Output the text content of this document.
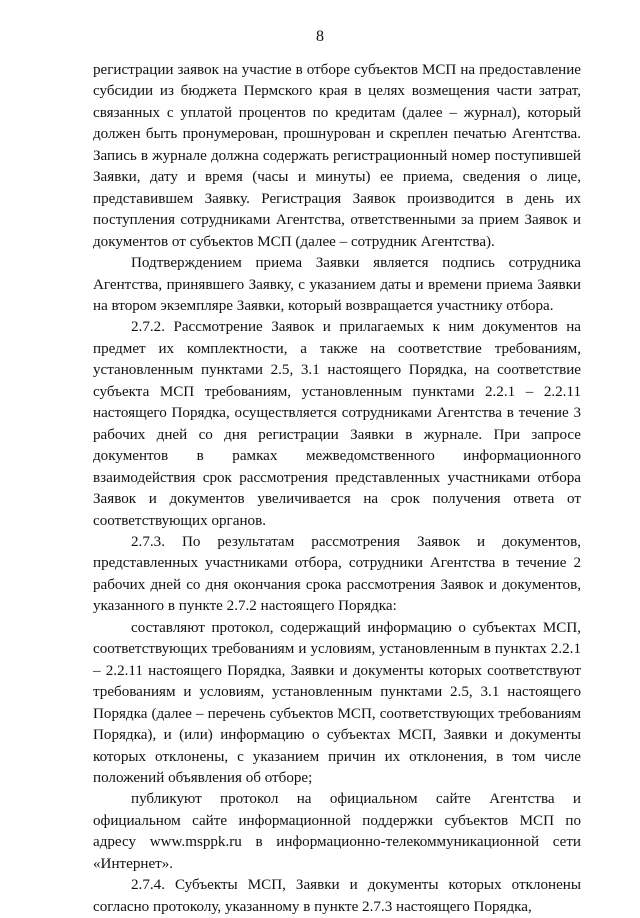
8

регистрации заявок на участие в отборе субъектов МСП на предоставление субсидии из бюджета Пермского края в целях возмещения части затрат, связанных с уплатой процентов по кредитам (далее – журнал), который должен быть пронумерован, прошнурован и скреплен печатью Агентства. Запись в журнале должна содержать регистрационный номер поступившей Заявки, дату и время (часы и минуты) ее приема, сведения о лице, представившем Заявку. Регистрация Заявок производится в день их поступления сотрудниками Агентства, ответственными за прием Заявок и документов от субъектов МСП (далее – сотрудник Агентства).

Подтверждением приема Заявки является подпись сотрудника Агентства, принявшего Заявку, с указанием даты и времени приема Заявки на втором экземпляре Заявки, который возвращается участнику отбора.

2.7.2. Рассмотрение Заявок и прилагаемых к ним документов на предмет их комплектности, а также на соответствие требованиям, установленным пунктами 2.5, 3.1 настоящего Порядка, на соответствие субъекта МСП требованиям, установленным пунктами 2.2.1 – 2.2.11 настоящего Порядка, осуществляется сотрудниками Агентства в течение 3 рабочих дней со дня регистрации Заявки в журнале. При запросе документов в рамках межведомственного информационного взаимодействия срок рассмотрения представленных участниками отбора Заявок и документов увеличивается на срок получения ответа от соответствующих органов.

2.7.3. По результатам рассмотрения Заявок и документов, представленных участниками отбора, сотрудники Агентства в течение 2 рабочих дней со дня окончания срока рассмотрения Заявок и документов, указанного в пункте 2.7.2 настоящего Порядка:

составляют протокол, содержащий информацию о субъектах МСП, соответствующих требованиям и условиям, установленным в пунктах 2.2.1 – 2.2.11 настоящего Порядка, Заявки и документы которых соответствуют требованиям и условиям, установленным пунктами 2.5, 3.1 настоящего Порядка (далее – перечень субъектов МСП, соответствующих требованиям Порядка), и (или) информацию о субъектах МСП, Заявки и документы которых отклонены, с указанием причин их отклонения, в том числе положений объявления об отборе;

публикуют протокол на официальном сайте Агентства и официальном сайте информационной поддержки субъектов МСП по адресу www.msppk.ru в информационно-телекоммуникационной сети «Интернет».

2.7.4. Субъекты МСП, Заявки и документы которых отклонены согласно протоколу, указанному в пункте 2.7.3 настоящего Порядка,
